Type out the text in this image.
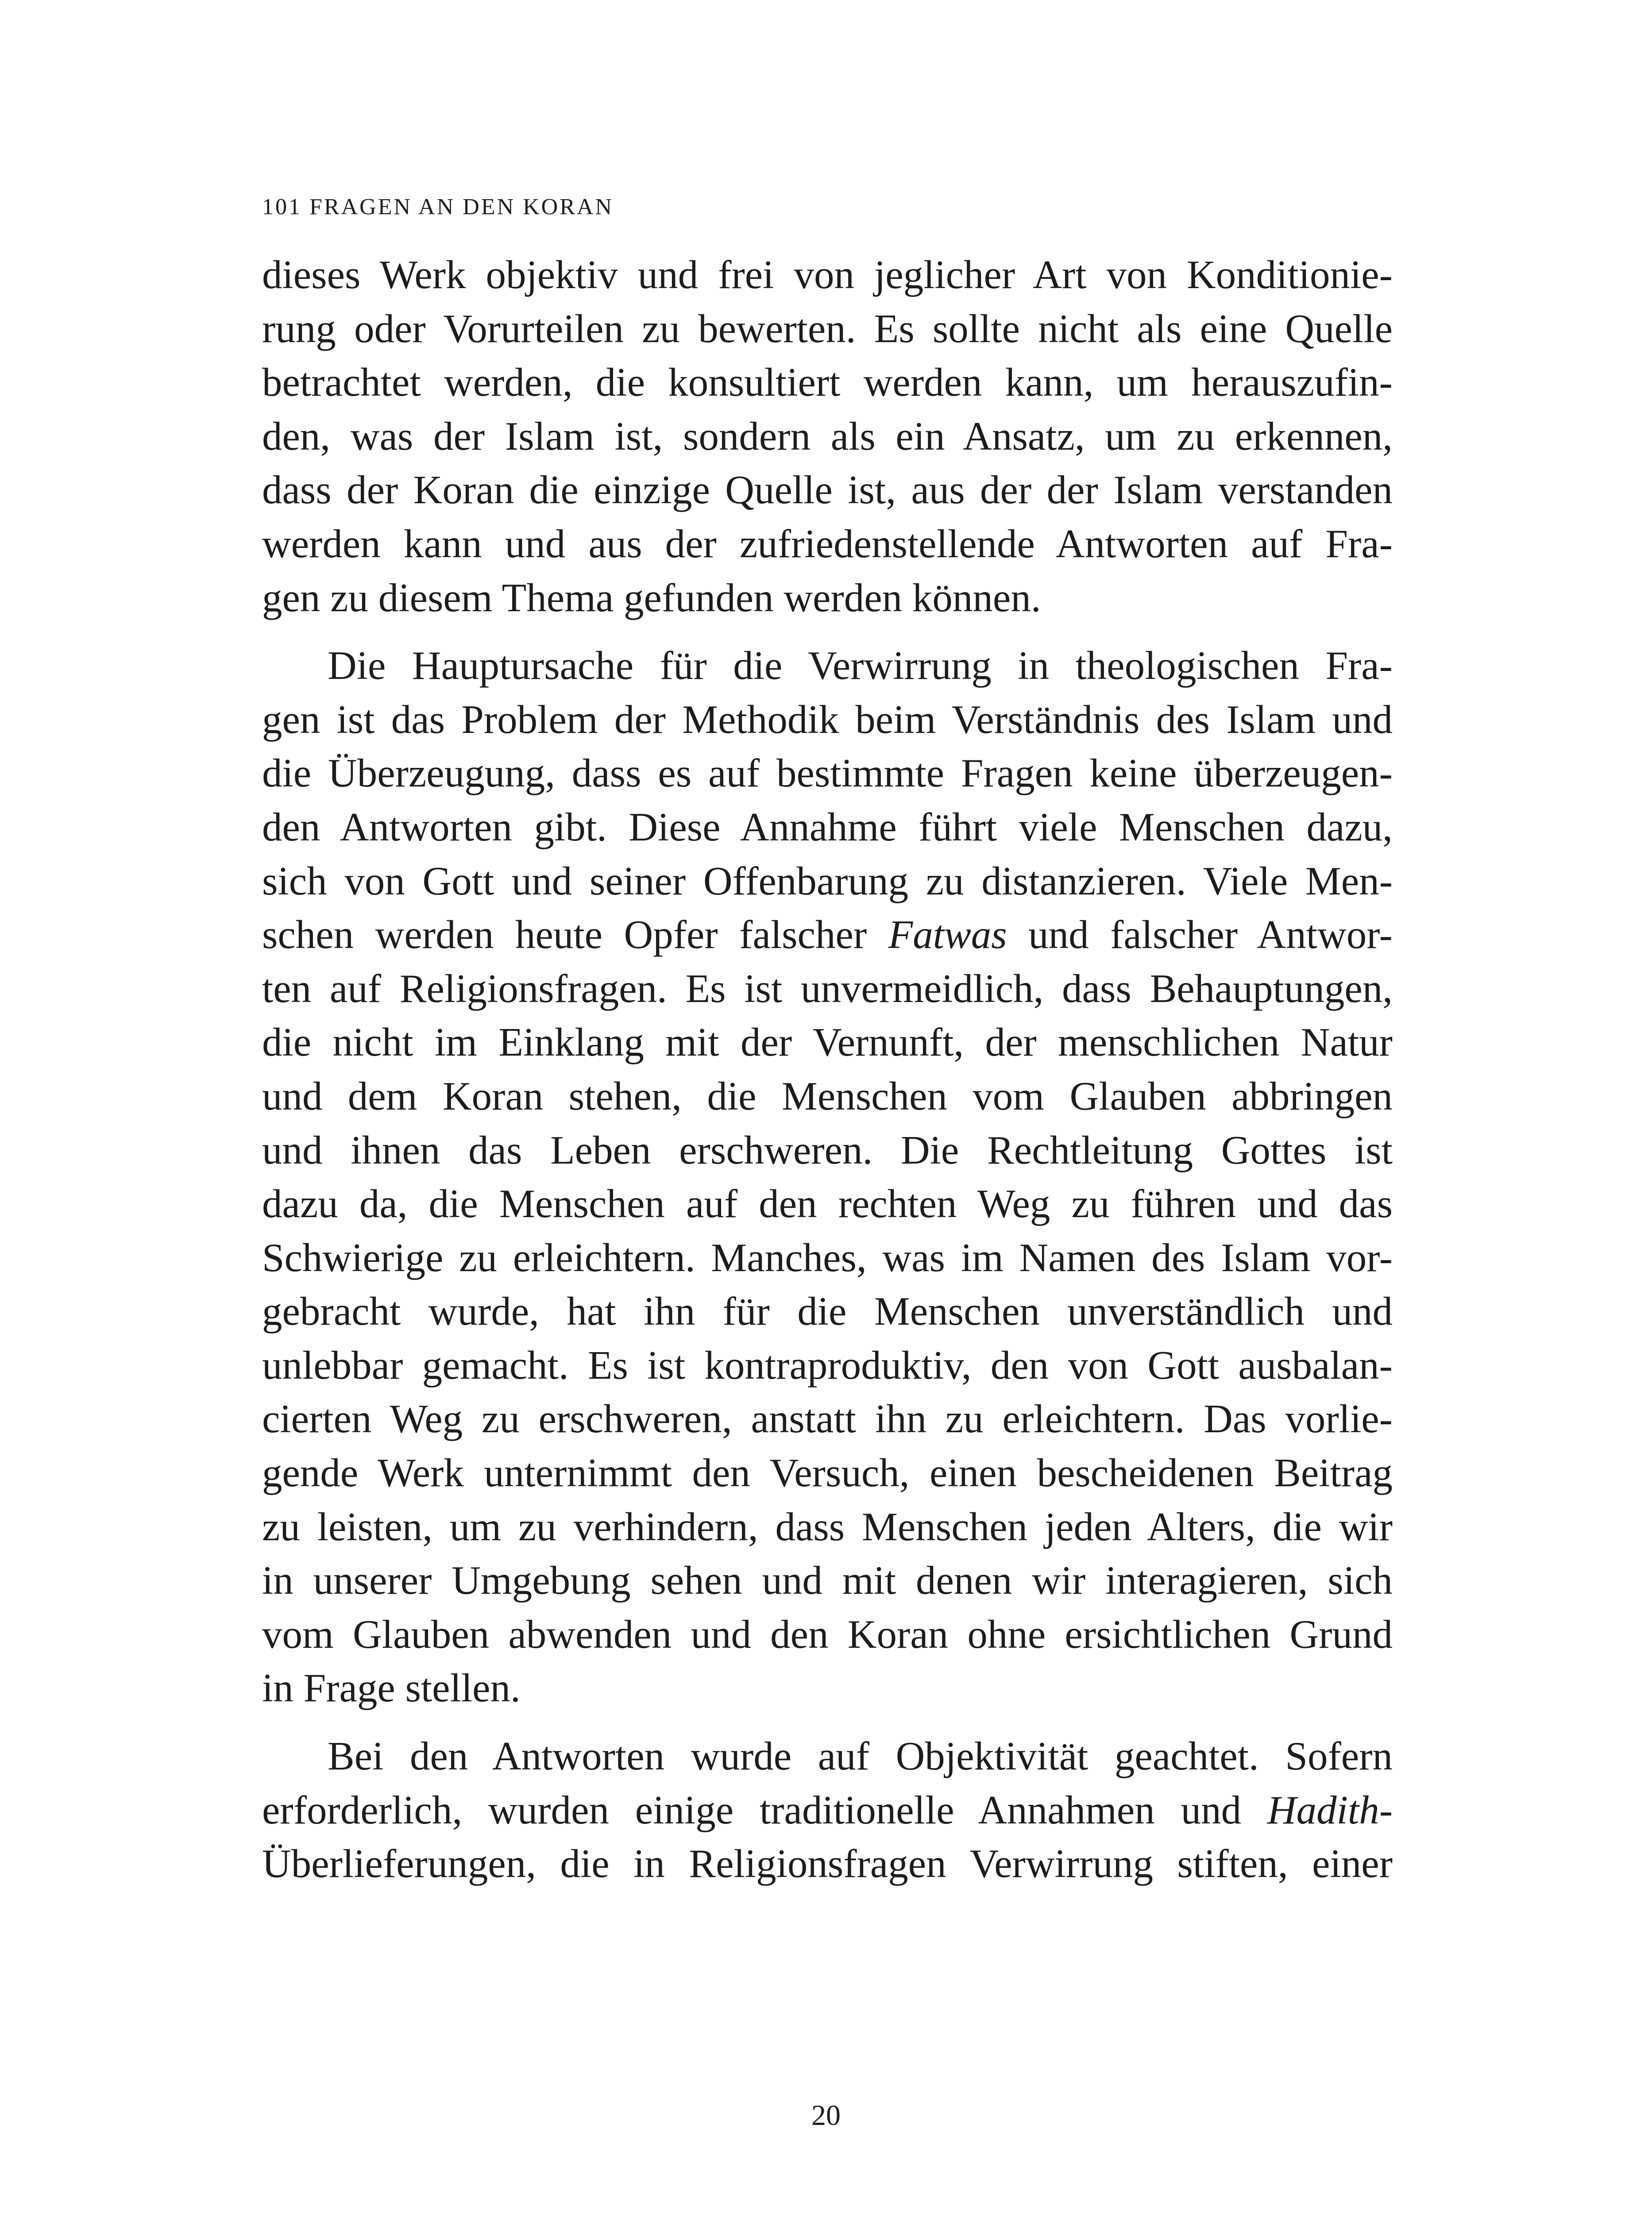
101 FRAGEN AN DEN KORAN

dieses Werk objektiv und frei von jeglicher Art von Konditionie-
rung oder Vorurteilen zu bewerten. Es sollte nicht als eine Quelle
betrachtet werden, die konsultiert werden kann, um herauszufin-
den, was der Islam ist, sondern als ein Ansatz, um zu erkennen,
dass der Koran die einzige Quelle ist, aus der der Islam verstanden
werden kann und aus der zufriedenstellende Antworten auf Fra-
gen zu diesem Thema gefunden werden können.

Die Hauptursache für die Verwirrung in theologischen Fra-
gen ist das Problem der Methodik beim Verständnis des Islam und
die Überzeugung, dass es auf bestimmte Fragen keine überzeugen-
den Antworten gibt. Diese Annahme führt viele Menschen dazu,
sich von Gott und seiner Offenbarung zu distanzieren. Viele Men-
schen werden heute Opfer falscher Fatwas und falscher Antwor-
ten auf Religionsfragen. Es ist unvermeidlich, dass Behauptungen,
die nicht im Einklang mit der Vernunft, der menschlichen Natur
und dem Koran stehen, die Menschen vom Glauben abbringen
und ihnen das Leben erschweren. Die Rechtleitung Gottes ist
dazu da, die Menschen auf den rechten Weg zu führen und das
Schwierige zu erleichtern. Manches, was im Namen des Islam vor-
gebracht wurde, hat ihn für die Menschen unverständlich und
unlebbar gemacht. Es ist kontraproduktiv, den von Gott ausbalan-
cierten Weg zu erschweren, anstatt ihn zu erleichtern. Das vorlie-
gende Werk unternimmt den Versuch, einen bescheidenen Beitrag
zu leisten, um zu verhindern, dass Menschen jeden Alters, die wir
in unserer Umgebung sehen und mit denen wir interagieren, sich
vom Glauben abwenden und den Koran ohne ersichtlichen Grund
in Frage stellen.

Bei den Antworten wurde auf Objektivität geachtet. Sofern
erforderlich, wurden einige traditionelle Annahmen und Hadith-
Überlieferungen, die in Religionsfragen Verwirrung stiften, einer

20
